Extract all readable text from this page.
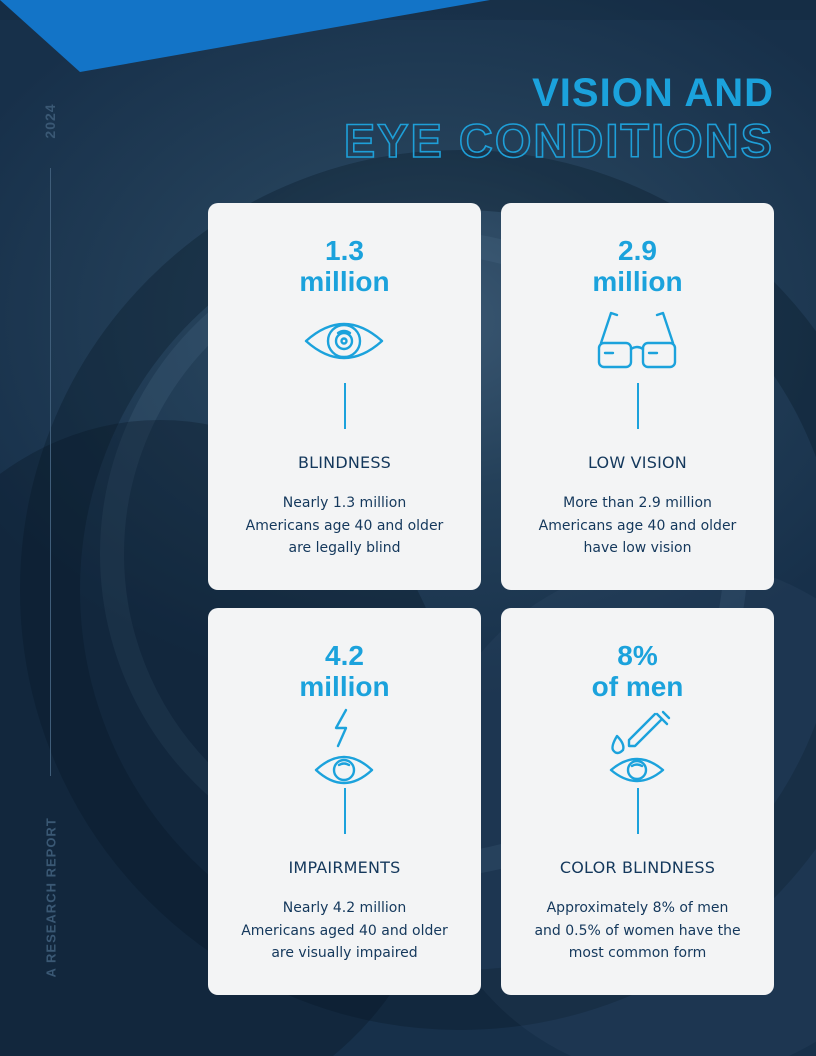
2024
A RESEARCH REPORT
VISION AND
EYE CONDITIONS
1.3
million
BLINDNESS
Nearly 1.3 million
Americans age 40 and older
are legally blind
2.9
million
LOW VISION
More than 2.9 million
Americans age 40 and older
have low vision
4.2
million
IMPAIRMENTS
Nearly 4.2 million
Americans aged 40 and older
are visually impaired
8%
of men
COLOR BLINDNESS
Approximately 8% of men
and 0.5% of women have the
most common form
